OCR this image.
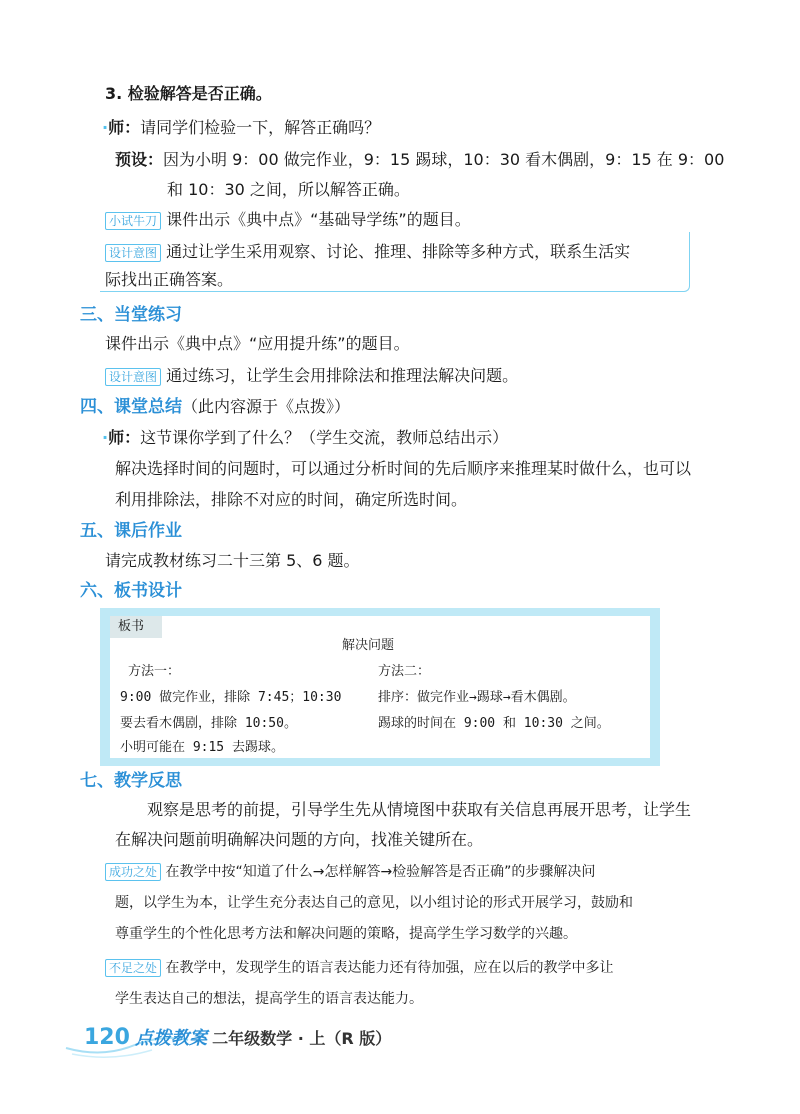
3. 检验解答是否正确。
·师：请同学们检验一下，解答正确吗？
预设：因为小明 9：00 做完作业，9：15 踢球，10：30 看木偶剧，9：15 在 9：00
和 10：30 之间，所以解答正确。
小试牛刀 课件出示《典中点》“基础导学练”的题目。
设计意图 通过让学生采用观察、讨论、推理、排除等多种方式，联系生活实
际找出正确答案。
三、当堂练习
课件出示《典中点》“应用提升练”的题目。
设计意图 通过练习，让学生会用排除法和推理法解决问题。
四、课堂总结（此内容源于《点拨》）
·师：这节课你学到了什么？（学生交流，教师总结出示）
解决选择时间的问题时，可以通过分析时间的先后顺序来推理某时做什么，也可以
利用排除法，排除不对应的时间，确定所选时间。
五、课后作业
请完成教材练习二十三第 5、6 题。
六、板书设计
板书
解决问题
方法一：
9:00 做完作业，排除 7:45；10:30
要去看木偶剧，排除 10:50。
小明可能在 9:15 去踢球。
方法二：
排序：做完作业→踢球→看木偶剧。
踢球的时间在 9:00 和 10:30 之间。
七、教学反思
观察是思考的前提，引导学生先从情境图中获取有关信息再展开思考，让学生
在解决问题前明确解决问题的方向，找准关键所在。
成功之处 在教学中按“知道了什么→怎样解答→检验解答是否正确”的步骤解决问
题，以学生为本，让学生充分表达自己的意见，以小组讨论的形式开展学习，鼓励和
尊重学生的个性化思考方法和解决问题的策略，提高学生学习数学的兴趣。
不足之处 在教学中，发现学生的语言表达能力还有待加强，应在以后的教学中多让
学生表达自己的想法，提高学生的语言表达能力。
120 点拨教案 二年级数学 · 上（R 版）
